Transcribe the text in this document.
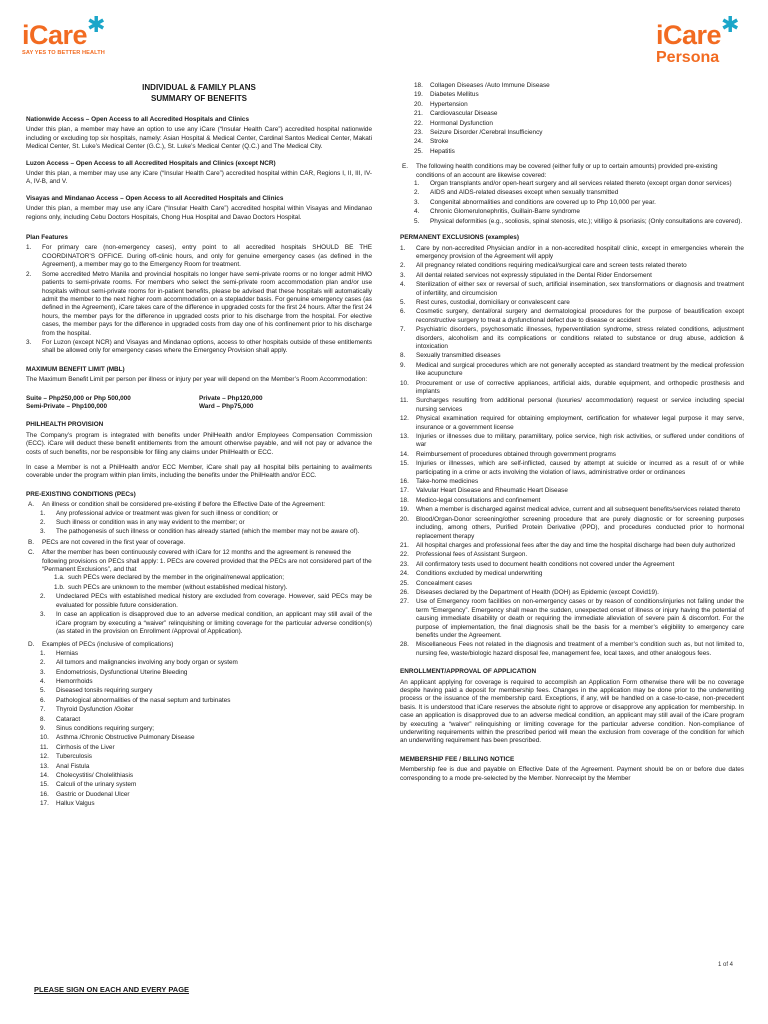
iCare✱
SAY YES TO BETTER HEALTH
iCare✱
Persona
INDIVIDUAL & FAMILY PLANS
SUMMARY OF BENEFITS
Nationwide Access – Open Access to all Accredited Hospitals and Clinics

Under this plan, a member may have an option to use any iCare (“Insular Health Care”) accredited hospital nationwide including or excluding top six hospitals, namely: Asian Hospital & Medical Center, Cardinal Santos Medical Center, Makati Medical Center, St. Luke’s Medical Center (G.C.), St. Luke’s Medical Center (Q.C.) and The Medical City.

Luzon Access – Open Access to all Accredited Hospitals and Clinics (except NCR)

Under this plan, a member may use any iCare (“Insular Health Care”) accredited hospital within CAR, Regions I, II, III, IV-A, IV-B, and V.

Visayas and Mindanao Access – Open Access to all Accredited Hospitals and Clinics

Under this plan, a member may use any iCare (“Insular Health Care”) accredited hospital within Visayas and Mindanao regions only, including Cebu Doctors Hospitals, Chong Hua Hospital and Davao Doctors Hospital.

Plan Features
1. For primary care (non-emergency cases), entry point to all accredited hospitals SHOULD BE THE COORDINATOR’S OFFICE. During off-clinic hours, and only for genuine emergency cases (as defined in the Agreement), a member may go to the Emergency Room for treatment.
2. Some accredited Metro Manila and provincial hospitals no longer have semi-private rooms or no longer admit HMO patients to semi-private rooms. For members who select the semi-private room accommodation plan and/or use hospitals without semi-private rooms for in-patient benefits, please be advised that these hospitals will automatically admit the member to the next higher room accommodation on a stepladder basis. For genuine emergency cases (as defined in the Agreement), iCare takes care of the difference in upgraded costs for the first 24 hours. After the first 24 hours, the member pays for the difference in upgraded costs prior to his discharge from the hospital. For elective cases, the member pays for the difference in upgraded costs from day one of his confinement prior to his discharge from the hospital.
3. For Luzon (except NCR) and Visayas and Mindanao options, access to other hospitals outside of these entitlements shall be allowed only for emergency cases where the Emergency Provision shall apply.
MAXIMUM BENEFIT LIMIT (MBL)

The Maximum Benefit Limit per person per illness or injury per year will depend on the Member’s Room Accommodation:

Suite – Php250,000 or Php 500,000	Private – Php120,000
Semi-Private – Php100,000	Ward – Php75,000
PHILHEALTH PROVISION

The Company’s program is integrated with benefits under PhilHealth and/or Employees Compensation Commission (ECC). iCare will deduct these benefit entitlements from the amount otherwise payable, and will not pay or advance the costs of such benefits, nor be responsible for filing any claims under PhilHealth or ECC.

In case a Member is not a PhilHealth and/or ECC Member, iCare shall pay all hospital bills pertaining to availments coverable under the program within plan limits, including the benefits under the PhilHealth and/or ECC.

PRE-EXISTING CONDITIONS (PECs)
A. An illness or condition shall be considered pre-existing if before the Effective Date of the Agreement:
1. Any professional advice or treatment was given for such illness or condition; or
2. Such illness or condition was in any way evident to the member; or
3. The pathogenesis of such illness or condition has already started (which the member may not be aware of).
B. PECs are not covered in the first year of coverage.
C. After the member has been continuously covered with iCare for 12 months and the agreement is renewed the following provisions on PECs shall apply: 1. PECs are covered provided that the PECs are not considered part of the “Permanent Exclusions”, and that
1.a. such PECs were declared by the member in the original/renewal application;
1.b. such PECs are unknown to the member (without established medical history).
2. Undeclared PECs with established medical history are excluded from coverage. However, said PECs may be evaluated for possible future consideration.
3. In case an application is disapproved due to an adverse medical condition, an applicant may still avail of the iCare program by executing a “waiver” relinquishing or limiting coverage for the particular adverse condition(s) (as stated in the provision on Enrollment /Approval of Application).
D. Examples of PECs (inclusive of complications)
1. Hernias
2. All tumors and malignancies involving any body organ or system
3. Endometriosis, Dysfunctional Uterine Bleeding
4. Hemorrhoids
5. Diseased tonsils requiring surgery
6. Pathological abnormalities of the nasal septum and turbinates
7. Thyroid Dysfunction /Goiter
8. Cataract
9. Sinus conditions requiring surgery;
10. Asthma /Chronic Obstructive Pulmonary Disease
11. Cirrhosis of the Liver
12. Tuberculosis
13. Anal Fistula
14. Cholecystitis/ Cholelithiasis
15. Calculi of the urinary system
16. Gastric or Duodenal Ulcer
17. Hallux Valgus
18. Collagen Diseases /Auto Immune Disease
19. Diabetes Mellitus
20. Hypertension
21. Cardiovascular Disease
22. Hormonal Dysfunction
23. Seizure Disorder /Cerebral Insufficiency
24. Stroke
25. Hepatitis
E. The following health conditions may be covered (either fully or up to certain amounts) provided pre-existing conditions of an account are likewise covered:
1. Organ transplants and/or open-heart surgery and all services related thereto (except organ donor services)
2. AIDS and AIDS-related diseases except when sexually transmitted
3. Congenital abnormalities and conditions are covered up to Php 10,000 per year.
4. Chronic Glomerulonephritis, Guillain-Barre syndrome
5. Physical deformities (e.g., scoliosis, spinal stenosis, etc.); vitiligo & psoriasis; (Only consultations are covered).
PERMANENT EXCLUSIONS (examples)
1. Care by non-accredited Physician and/or in a non-accredited hospital/ clinic, except in emergencies wherein the emergency provision of the Agreement will apply
2. All pregnancy related conditions requiring medical/surgical care and screen tests related thereto
3. All dental related services not expressly stipulated in the Dental Rider Endorsement
4. Sterilization of either sex or reversal of such, artificial insemination, sex transformations or diagnosis and treatment of infertility, and circumcision
5. Rest cures, custodial, domiciliary or convalescent care
6. Cosmetic surgery, dental/oral surgery and dermatological procedures for the purpose of beautification except reconstructive surgery to treat a dysfunctional defect due to disease or accident
7. Psychiatric disorders, psychosomatic illnesses, hyperventilation syndrome, stress related conditions, adjustment disorders, alcoholism and its complications or conditions related to substance or drug abuse, addiction & intoxication
8. Sexually transmitted diseases
9. Medical and surgical procedures which are not generally accepted as standard treatment by the medical profession like acupuncture
10. Procurement or use of corrective appliances, artificial aids, durable equipment, and orthopedic prosthesis and implants
11. Surcharges resulting from additional personal (luxuries/ accommodation) request or service including special nursing services
12. Physical examination required for obtaining employment, certification for whatever legal purpose it may serve, insurance or a government license
13. Injuries or illnesses due to military, paramilitary, police service, high risk activities, or suffered under conditions of war
14. Reimbursement of procedures obtained through government programs
15. Injuries or illnesses, which are self-inflicted, caused by attempt at suicide or incurred as a result of or while participating in a crime or acts involving the violation of laws, administrative order or ordinances
16. Take-home medicines
17. Valvular Heart Disease and Rheumatic Heart Disease
18. Medico-legal consultations and confinement
19. When a member is discharged against medical advice, current and all subsequent benefits/services related thereto
20. Blood/Organ-Donor screening/other screening procedure that are purely diagnostic or for screening purposes including, among others, Purified Protein Derivative (PPD), and procedures conducted prior to hormonal replacement therapy
21. All hospital charges and professional fees after the day and time the hospital discharge had been duly authorized
22. Professional fees of Assistant Surgeon.
23. All confirmatory tests used to document health conditions not covered under the Agreement
24. Conditions excluded by medical underwriting
25. Concealment cases
26. Diseases declared by the Department of Health (DOH) as Epidemic (except Covid19).
27. Use of Emergency room facilities on non-emergency cases or by reason of conditions/injuries not falling under the term “Emergency”. Emergency shall mean the sudden, unexpected onset of illness or injury having the potential of causing immediate disability or death or requiring the immediate alleviation of severe pain & discomfort. For the purpose of implementation, the final diagnosis shall be the basis for a member’s eligibility to emergency care benefits under the Agreement.
28. Miscellaneous Fees not related in the diagnosis and treatment of a member’s condition such as, but not limited to, nursing fee, waste/biologic hazard disposal fee, management fee, local taxes, and other analogous fees.
ENROLLMENT/APPROVAL OF APPLICATION

An applicant applying for coverage is required to accomplish an Application Form otherwise there will be no coverage despite having paid a deposit for membership fees. Changes in the application may be done prior to the underwriting process or the issuance of the membership card. Exceptions, if any, will be handled on a case-to-case, non-precedent basis. It is understood that iCare reserves the absolute right to approve or disapprove any application for membership. In case an application is disapproved due to an adverse medical condition, an applicant may still avail of the iCare program by executing a “waiver” relinquishing or limiting coverage for the particular adverse condition. Non-compliance of underwriting requirements within the prescribed period will mean the exclusion from coverage of the condition for which an underwriting requirement has been prescribed.

MEMBERSHIP FEE / BILLING NOTICE

Membership fee is due and payable on Effective Date of the Agreement. Payment should be on or before due dates corresponding to a mode pre-selected by the Member. Nonreceipt by the Member

1 of 4
PLEASE SIGN ON EACH AND EVERY PAGE
